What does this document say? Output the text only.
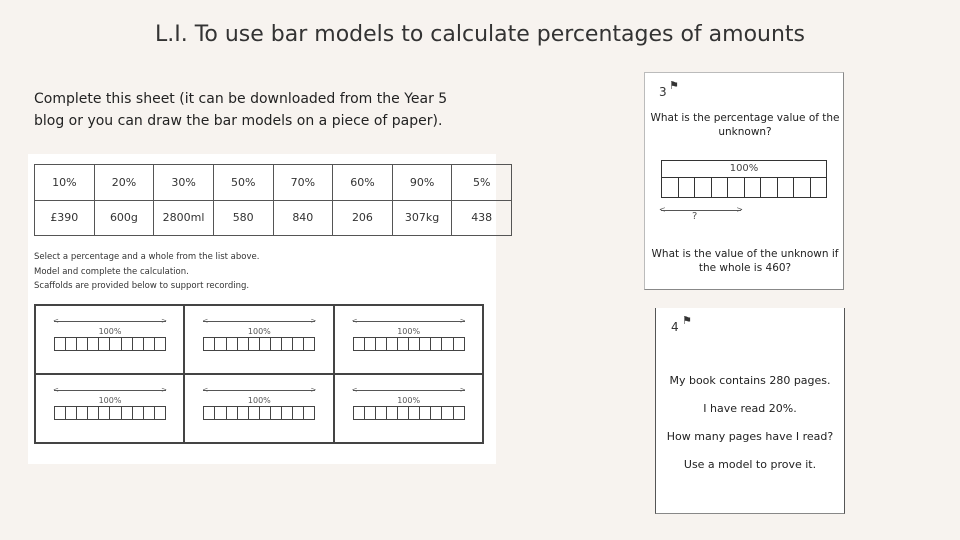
L.I. To use bar models to calculate percentages of amounts
Complete this sheet (it can be downloaded from the Year 5
blog or you can draw the bar models on a piece of paper).
10%	20%	30%	50%	70%	60%	90%	5%
£390	600g	2800ml	580	840	206	307kg	438
Select a percentage and a whole from the list above.
Model and complete the calculation.
Scaffolds are provided below to support recording.
<	>
100%
<	>
100%
<	>
100%
<	>
100%
<	>
100%
<	>
100%
3 ⚑
What is the percentage value of the unknown?
100%
<	>
?
What is the value of the unknown if
the whole is 460?
4 ⚑
My book contains 280 pages.
I have read 20%.
How many pages have I read?
Use a model to prove it.
